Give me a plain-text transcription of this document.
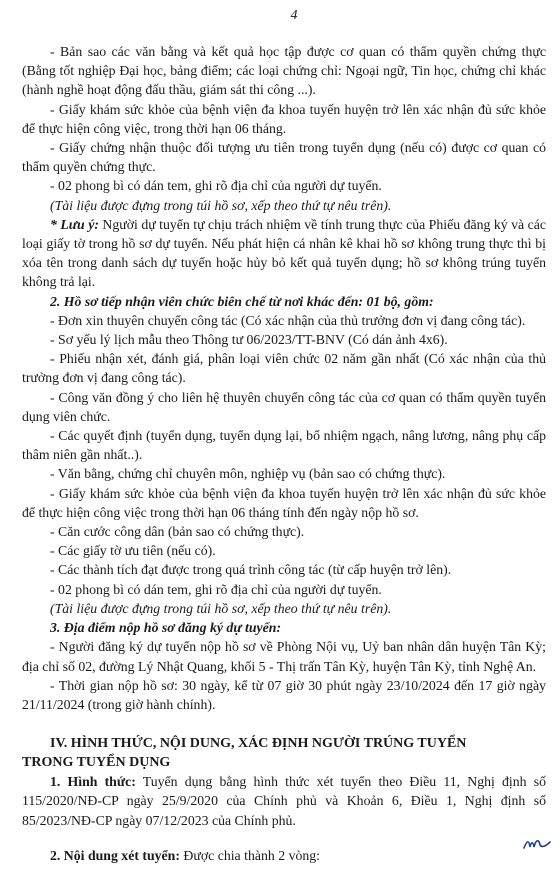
4

- Bản sao các văn bằng và kết quả học tập được cơ quan có thẩm quyền chứng thực (Bằng tốt nghiệp Đại học, bảng điểm; các loại chứng chỉ: Ngoại ngữ, Tin học, chứng chỉ khác (hành nghề hoạt động đấu thầu, giám sát thi công ...).

- Giấy khám sức khỏe của bệnh viện đa khoa tuyến huyện trở lên xác nhận đủ sức khỏe để thực hiện công việc, trong thời hạn 06 tháng.

- Giấy chứng nhận thuộc đối tượng ưu tiên trong tuyển dụng (nếu có) được cơ quan có thẩm quyền chứng thực.

- 02 phong bì có dán tem, ghi rõ địa chỉ của người dự tuyển.

(Tài liệu được đựng trong túi hồ sơ, xếp theo thứ tự nêu trên).

* Lưu ý: Người dự tuyển tự chịu trách nhiệm về tính trung thực của Phiếu đăng ký và các loại giấy tờ trong hồ sơ dự tuyển. Nếu phát hiện cá nhân kê khai hồ sơ không trung thực thì bị xóa tên trong danh sách dự tuyển hoặc hủy bỏ kết quả tuyển dụng; hồ sơ không trúng tuyển không trả lại.

2. Hồ sơ tiếp nhận viên chức biên chế từ nơi khác đến: 01 bộ, gồm:

- Đơn xin thuyên chuyển công tác (Có xác nhận của thủ trưởng đơn vị đang công tác).

- Sơ yếu lý lịch mẫu theo Thông tư 06/2023/TT-BNV (Có dán ảnh 4x6).

- Phiếu nhận xét, đánh giá, phân loại viên chức 02 năm gần nhất (Có xác nhận của thủ trưởng đơn vị đang công tác).

- Công văn đồng ý cho liên hệ thuyên chuyển công tác của cơ quan có thẩm quyền tuyển dụng viên chức.

- Các quyết định (tuyển dụng, tuyển dụng lại, bổ nhiệm ngạch, nâng lương, nâng phụ cấp thâm niên gần nhất..).

- Văn bằng, chứng chỉ chuyên môn, nghiệp vụ (bản sao có chứng thực).

- Giấy khám sức khỏe của bệnh viện đa khoa tuyến huyện trở lên xác nhận đủ sức khỏe để thực hiện công việc trong thời hạn 06 tháng tính đến ngày nộp hồ sơ.

- Căn cước công dân (bản sao có chứng thực).

- Các giấy tờ ưu tiên (nếu có).

- Các thành tích đạt được trong quá trình công tác (từ cấp huyện trở lên).

- 02 phong bì có dán tem, ghi rõ địa chỉ của người dự tuyển.

(Tài liệu được đựng trong túi hồ sơ, xếp theo thứ tự nêu trên).

3. Địa điểm nộp hồ sơ đăng ký dự tuyển:

- Người đăng ký dự tuyển nộp hồ sơ về Phòng Nội vụ, Uỷ ban nhân dân huyện Tân Kỳ; địa chỉ số 02, đường Lý Nhật Quang, khối 5 - Thị trấn Tân Kỳ, huyện Tân Kỳ, tỉnh Nghệ An.

- Thời gian nộp hồ sơ: 30 ngày, kể từ 07 giờ 30 phút ngày 23/10/2024 đến 17 giờ ngày 21/11/2024 (trong giờ hành chính).

IV. HÌNH THỨC, NỘI DUNG, XÁC ĐỊNH NGƯỜI TRÚNG TUYỂN
TRONG TUYỂN DỤNG

1. Hình thức: Tuyển dụng bằng hình thức xét tuyển theo Điều 11, Nghị định số 115/2020/NĐ-CP ngày 25/9/2020 của Chính phủ và Khoản 6, Điều 1, Nghị định số 85/2023/NĐ-CP ngày 07/12/2023 của Chính phủ.

2. Nội dung xét tuyển: Được chia thành 2 vòng:
